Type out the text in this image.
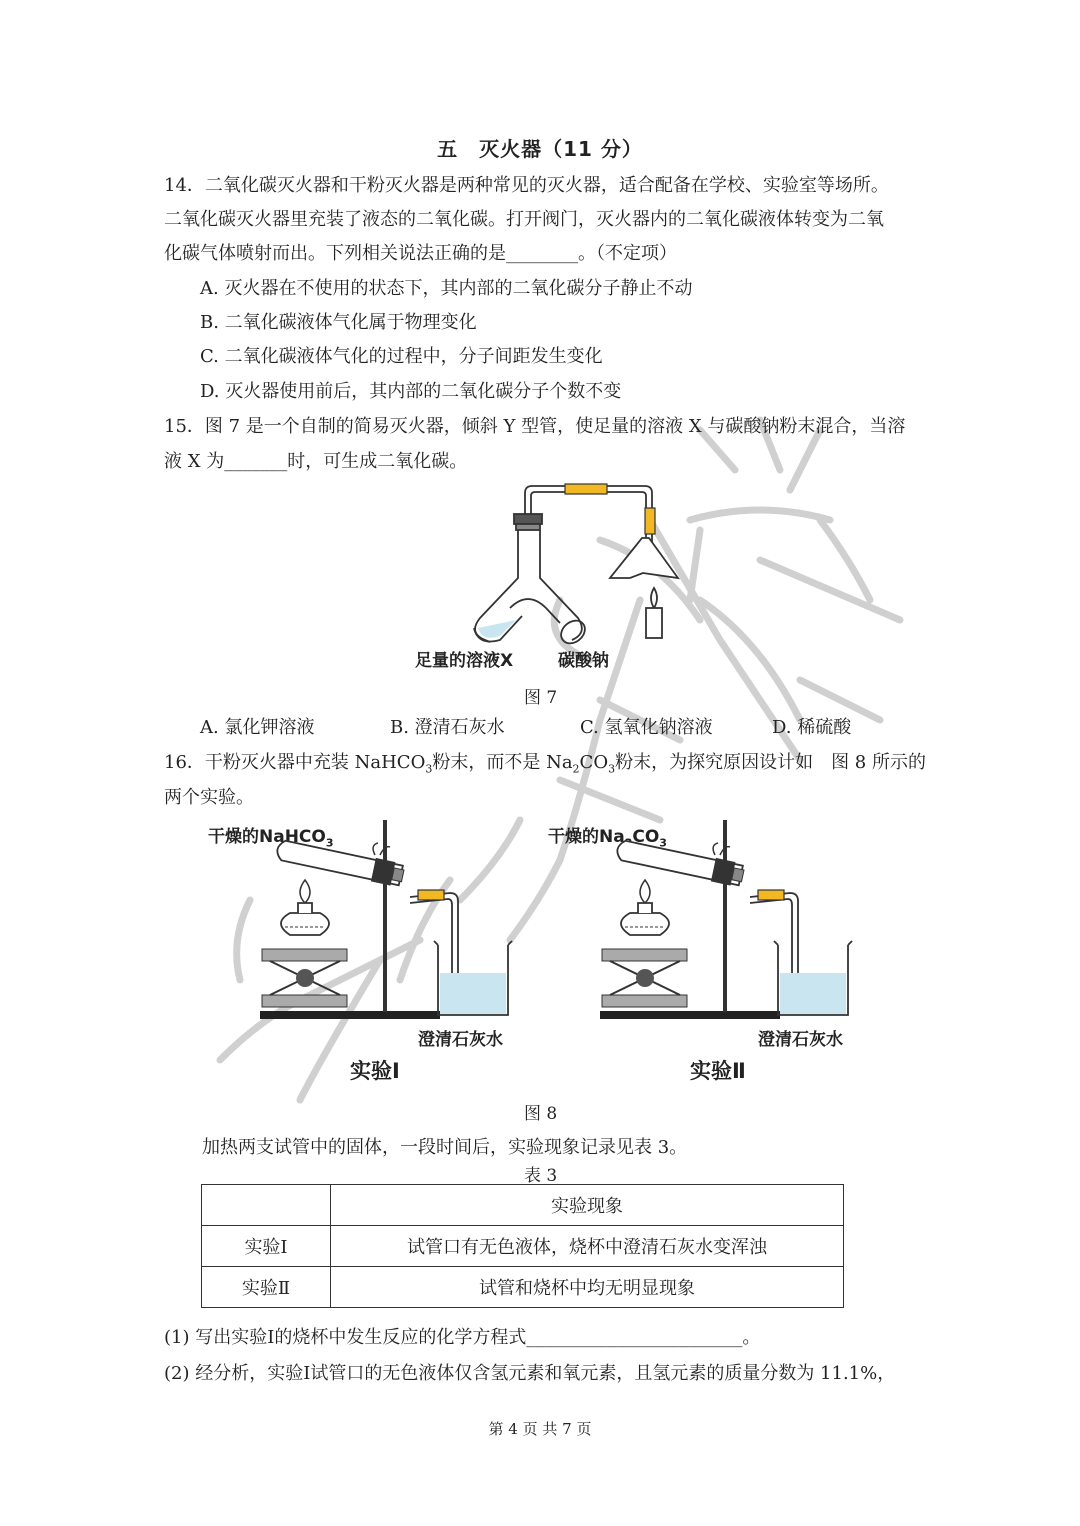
五　灭火器（11 分）
14．二氧化碳灭火器和干粉灭火器是两种常见的灭火器，适合配备在学校、实验室等场所。
二氧化碳灭火器里充装了液态的二氧化碳。打开阀门，灭火器内的二氧化碳液体转变为二氧
化碳气体喷射而出。下列相关说法正确的是________。（不定项）
A. 灭火器在不使用的状态下，其内部的二氧化碳分子静止不动
B. 二氧化碳液体气化属于物理变化
C. 二氧化碳液体气化的过程中，分子间距发生变化
D. 灭火器使用前后，其内部的二氧化碳分子个数不变
15．图 7 是一个自制的简易灭火器，倾斜 Y 型管，使足量的溶液 X 与碳酸钠粉末混合，当溶
液 X 为_______时，可生成二氧化碳。
足量的溶液X	碳酸钠
图 7
A. 氯化钾溶液	B. 澄清石灰水	C. 氢氧化钠溶液	D. 稀硫酸
16．干粉灭火器中充装 NaHCO$_3$粉末，而不是 $Na_2CO_3$粉末，为探究原因设计如　图 8 所示的
两个实验。
干燥的NaHCO$_3$	干燥的Na $CO_3$
澄清石灰水	澄清石灰水
实验Ⅰ	实验Ⅱ
图 8
加热两支试管中的固体，一段时间后，实验现象记录见表 3。
表 3
	实验现象
实验Ⅰ	试管口有无色液体，烧杯中澄清石灰水变浑浊
实验Ⅱ	试管和烧杯中均无明显现象
(1) 写出实验Ⅰ的烧杯中发生反应的化学方程式________________________。
(2) 经分析，实验Ⅰ试管口的无色液体仅含氢元素和氧元素，且氢元素的质量分数为 11.1%，
第 4 页 共 7 页
